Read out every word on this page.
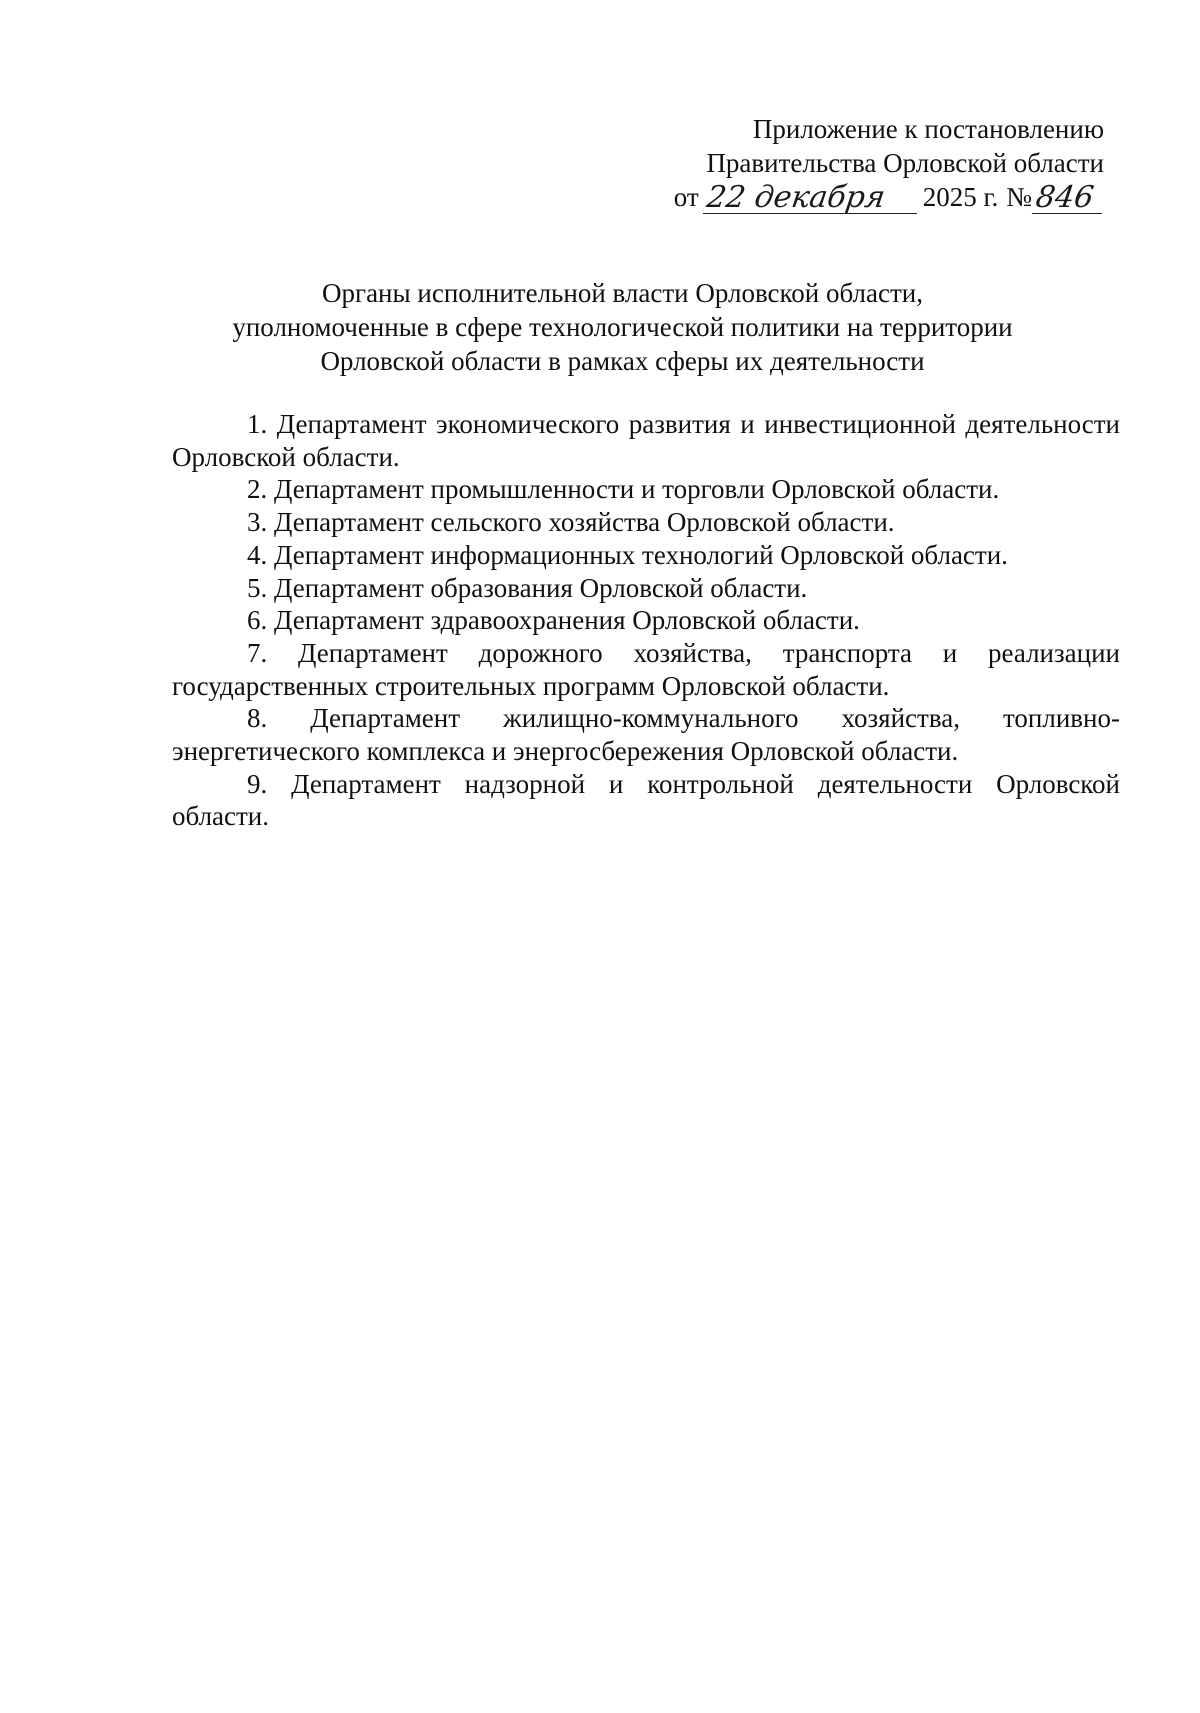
Приложение к постановлению
Правительства Орловской области
от 22 декабря	2025 г. № 846
Органы исполнительной власти Орловской области,
уполномоченные в сфере технологической политики на территории
Орловской области в рамках сферы их деятельности
1. Департамент экономического развития и инвестиционной деятельности Орловской области.
2. Департамент промышленности и торговли Орловской области.
3. Департамент сельского хозяйства Орловской области.
4. Департамент информационных технологий Орловской области.
5. Департамент образования Орловской области.
6. Департамент здравоохранения Орловской области.
7. Департамент дорожного хозяйства, транспорта и реализации государственных строительных программ Орловской области.
8. Департамент жилищно-коммунального хозяйства, топливно-энергетического комплекса и энергосбережения Орловской области.
9. Департамент надзорной и контрольной деятельности Орловской области.
